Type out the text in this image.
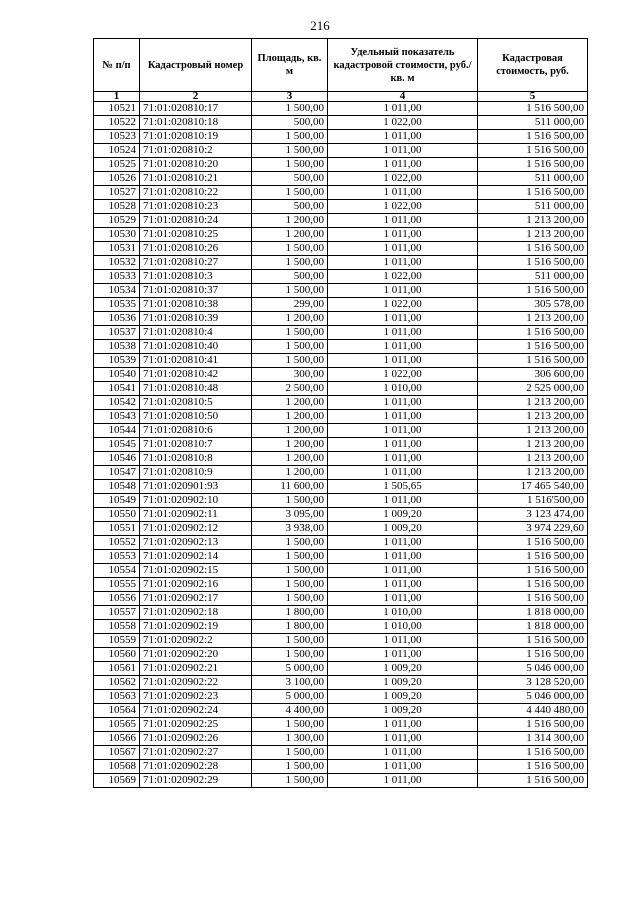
216
№ п/п	Кадастровый номер	Площадь, кв. м	Удельный показатель кадастровой стоимости, руб./кв. м	Кадастровая стоимость, руб.
1	2	3	4	5
10521	71:01:020810:17	1 500,00	1 011,00	1 516 500,00
10522	71:01:020810:18	500,00	1 022,00	511 000,00
10523	71:01:020810:19	1 500,00	1 011,00	1 516 500,00
10524	71:01:020810:2	1 500,00	1 011,00	1 516 500,00
10525	71:01:020810:20	1 500,00	1 011,00	1 516 500,00
10526	71:01:020810:21	500,00	1 022,00	511 000,00
10527	71:01:020810:22	1 500,00	1 011,00	1 516 500,00
10528	71:01:020810:23	500,00	1 022,00	511 000,00
10529	71:01:020810:24	1 200,00	1 011,00	1 213 200,00
10530	71:01:020810:25	1 200,00	1 011,00	1 213 200,00
10531	71:01:020810:26	1 500,00	1 011,00	1 516 500,00
10532	71:01:020810:27	1 500,00	1 011,00	1 516 500,00
10533	71:01:020810:3	500,00	1 022,00	511 000,00
10534	71:01:020810:37	1 500,00	1 011,00	1 516 500,00
10535	71:01:020810:38	299,00	1 022,00	305 578,00
10536	71:01:020810:39	1 200,00	1 011,00	1 213 200,00
10537	71:01:020810:4	1 500,00	1 011,00	1 516 500,00
10538	71:01:020810:40	1 500,00	1 011,00	1 516 500,00
10539	71:01:020810:41	1 500,00	1 011,00	1 516 500,00
10540	71:01:020810:42	300,00	1 022,00	306 600,00
10541	71:01:020810:48	2 500,00	1 010,00	2 525 000,00
10542	71:01:020810:5	1 200,00	1 011,00	1 213 200,00
10543	71:01:020810:50	1 200,00	1 011,00	1 213 200,00
10544	71:01:020810:6	1 200,00	1 011,00	1 213 200,00
10545	71:01:020810:7	1 200,00	1 011,00	1 213 200,00
10546	71:01:020810:8	1 200,00	1 011,00	1 213 200,00
10547	71:01:020810:9	1 200,00	1 011,00	1 213 200,00
10548	71:01:020901:93	11 600,00	1 505,65	17 465 540,00
10549	71:01:020902:10	1 500,00	1 011,00	1 516'500,00
10550	71:01:020902:11	3 095,00	1 009,20	3 123 474,00
10551	71:01:020902:12	3 938,00	1 009,20	3 974 229,60
10552	71:01:020902:13	1 500,00	1 011,00	1 516 500,00
10553	71:01:020902:14	1 500,00	1 011,00	1 516 500,00
10554	71:01:020902:15	1 500,00	1 011,00	1 516 500,00
10555	71:01:020902:16	1 500,00	1 011,00	1 516 500,00
10556	71:01:020902:17	1 500,00	1 011,00	1 516 500,00
10557	71:01:020902:18	1 800,00	1 010,00	1 818 000,00
10558	71:01:020902:19	1 800,00	1 010,00	1 818 000,00
10559	71:01:020902:2	1 500,00	1 011,00	1 516 500,00
10560	71:01:020902:20	1 500,00	1 011,00	1 516 500,00
10561	71:01:020902:21	5 000,00	1 009,20	5 046 000,00
10562	71:01:020902:22	3 100,00	1 009,20	3 128 520,00
10563	71:01:020902:23	5 000,00	1 009,20	5 046 000,00
10564	71:01:020902:24	4 400,00	1 009,20	4 440 480,00
10565	71:01:020902:25	1 500,00	1 011,00	1 516 500,00
10566	71:01:020902:26	1 300,00	1 011,00	1 314 300,00
10567	71:01:020902:27	1 500,00	1 011,00	1 516 500,00
10568	71:01:020902:28	1 500,00	1 011,00	1 516 500,00
10569	71:01:020902:29	1 500,00	1 011,00	1 516 500,00
